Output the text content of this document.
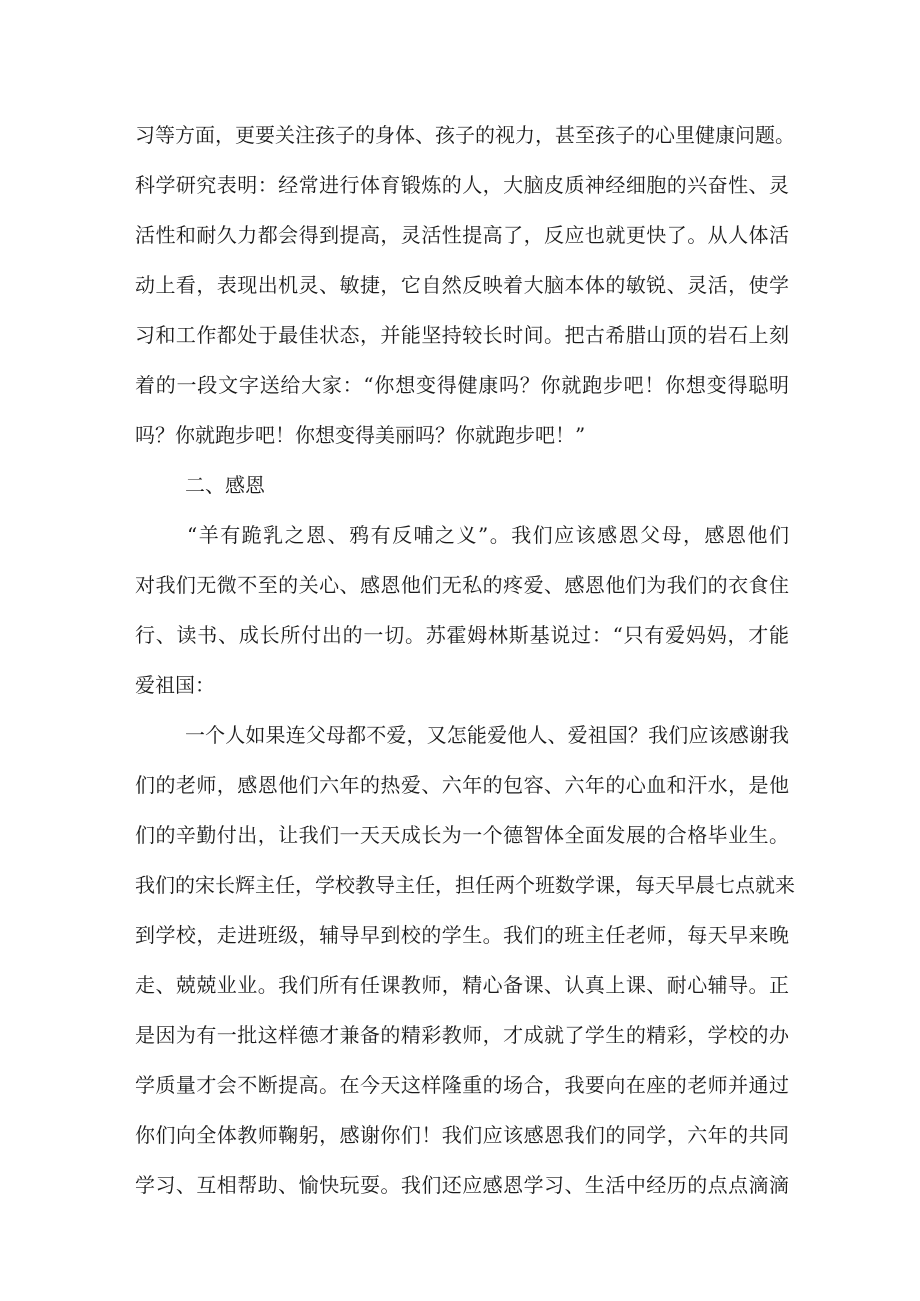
习等方面，更要关注孩子的身体、孩子的视力，甚至孩子的心里健康问题。

科学研究表明：经常进行体育锻炼的人，大脑皮质神经细胞的兴奋性、灵

活性和耐久力都会得到提高，灵活性提高了，反应也就更快了。从人体活

动上看，表现出机灵、敏捷，它自然反映着大脑本体的敏锐、灵活，使学

习和工作都处于最佳状态，并能坚持较长时间。把古希腊山顶的岩石上刻

着的一段文字送给大家：“你想变得健康吗？你就跑步吧！你想变得聪明

吗？你就跑步吧！你想变得美丽吗？你就跑步吧！”

二、感恩

“羊有跪乳之恩、鸦有反哺之义”。我们应该感恩父母，感恩他们

对我们无微不至的关心、感恩他们无私的疼爱、感恩他们为我们的衣食住

行、读书、成长所付出的一切。苏霍姆林斯基说过：“只有爱妈妈，才能

爱祖国：

一个人如果连父母都不爱，又怎能爱他人、爱祖国？我们应该感谢我

们的老师，感恩他们六年的热爱、六年的包容、六年的心血和汗水，是他

们的辛勤付出，让我们一天天成长为一个德智体全面发展的合格毕业生。

我们的宋长辉主任，学校教导主任，担任两个班数学课，每天早晨七点就来

到学校，走进班级，辅导早到校的学生。我们的班主任老师，每天早来晚

走、兢兢业业。我们所有任课教师，精心备课、认真上课、耐心辅导。正

是因为有一批这样德才兼备的精彩教师，才成就了学生的精彩，学校的办

学质量才会不断提高。在今天这样隆重的场合，我要向在座的老师并通过

你们向全体教师鞠躬，感谢你们！我们应该感恩我们的同学，六年的共同

学习、互相帮助、愉快玩耍。我们还应感恩学习、生活中经历的点点滴滴
